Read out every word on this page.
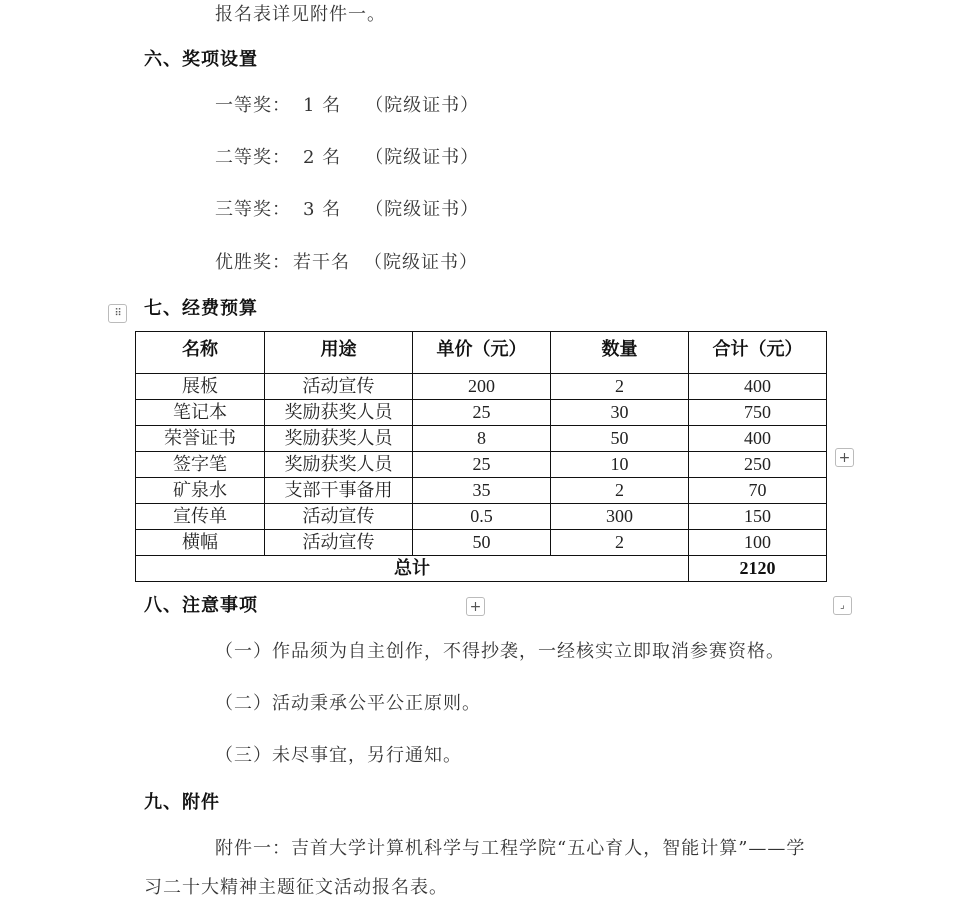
报名表详见附件一。
六、奖项设置
一等奖： 1 名 （院级证书）
二等奖： 2 名 （院级证书）
三等奖： 3 名 （院级证书）
优胜奖： 若干名 （院级证书）
⠿	七、经费预算
名称	用途	单价（元）	数量	合计（元）
展板	活动宣传	200	2	400
笔记本	奖励获奖人员	25	30	750
荣誉证书	奖励获奖人员	8	50	400
签字笔	奖励获奖人员	25	10	250
矿泉水	支部干事备用	35	2	70
宣传单	活动宣传	0.5	300	150
横幅	活动宣传	50	2	100
总计				2120
+
+	⌟
八、注意事项
（一）作品须为自主创作，不得抄袭，一经核实立即取消参赛资格。
（二）活动秉承公平公正原则。
（三）未尽事宜，另行通知。
九、附件
附件一：吉首大学计算机科学与工程学院“五心育人，智能计算”——学
习二十大精神主题征文活动报名表。
